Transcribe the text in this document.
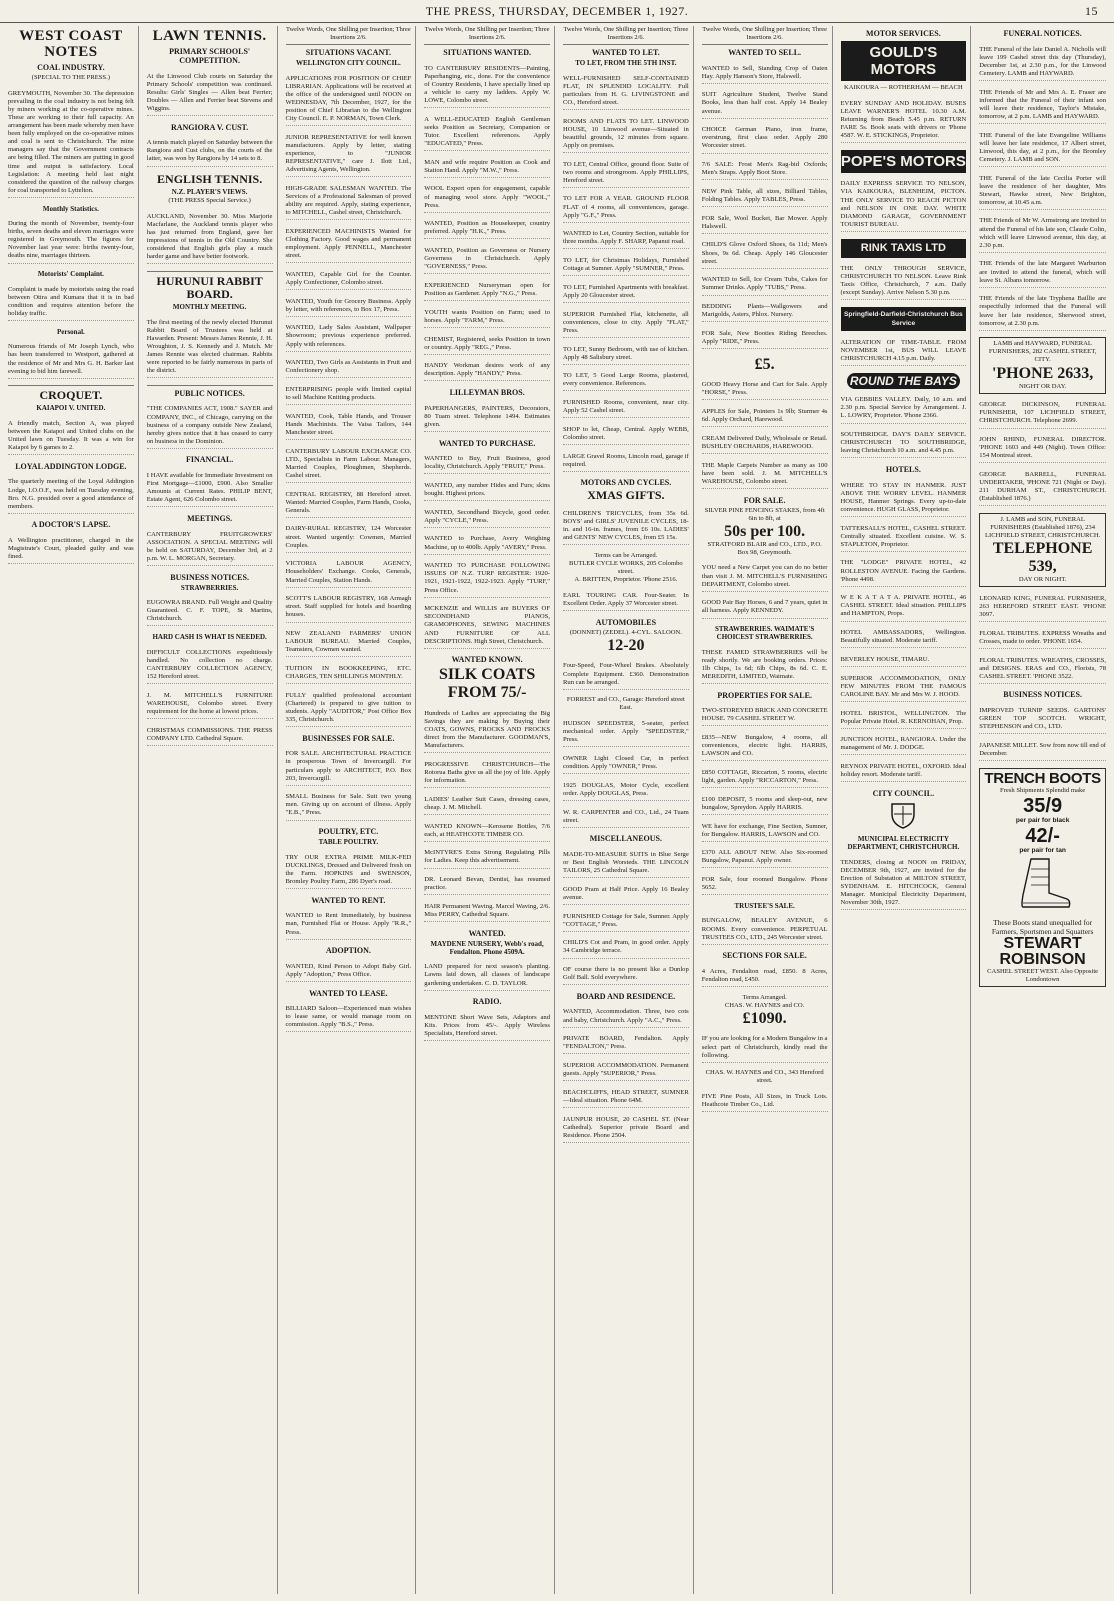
THE PRESS, THURSDAY, DECEMBER 1, 1927.	15
WEST COAST NOTES
COAL INDUSTRY.
(SPECIAL TO THE PRESS.)

GREYMOUTH, November 30. The depression prevailing in the coal industry is not being felt by miners working at the co-operative mines. These are working to their full capacity. An arrangement has been made whereby men have been fully employed on the co-operative mines and coal is sent to Christchurch. The mine managers say that the Government contracts are being filled. The miners are putting in good time and output is satisfactory. Local Legislation: A meeting held last night considered the question of the railway charges for coal transported to Lyttelton.

Monthly Statistics.

During the month of November, twenty-four births, seven deaths and eleven marriages were registered in Greymouth. The figures for November last year were: births twenty-four, deaths nine, marriages thirteen.

Motorists' Complaint.

Complaint is made by motorists using the road between Otira and Kumara that it is in bad condition and requires attention before the holiday traffic.

Personal.

Numerous friends of Mr Joseph Lynch, who has been transferred to Westport, gathered at the residence of Mr and Mrs G. H. Barker last evening to bid him farewell.

CROQUET.
KAIAPOI V. UNITED.

A friendly match, Section A, was played between the Kaiapoi and United clubs on the United lawn on Tuesday. It was a win for Kaiapoi by 6 games to 2.

LOYAL ADDINGTON LODGE.

The quarterly meeting of the Loyal Addington Lodge, I.O.O.F., was held on Tuesday evening, Bro. N.G. presided over a good attendance of members.

A DOCTOR'S LAPSE.

A Wellington practitioner, charged in the Magistrate's Court, pleaded guilty and was fined.

LAWN TENNIS.
PRIMARY SCHOOLS' COMPETITION.

At the Linwood Club courts on Saturday the Primary Schools' competition was continued. Results: Girls' Singles — Allen beat Ferrier; Doubles — Allen and Ferrier beat Stevens and Wiggins.

RANGIORA V. CUST.

A tennis match played on Saturday between the Rangiora and Cust clubs, on the courts of the latter, was won by Rangiora by 14 sets to 8.

ENGLISH TENNIS.
N.Z. PLAYER'S VIEWS.
(THE PRESS Special Service.)

AUCKLAND, November 30. Miss Marjorie Macfarlane, the Auckland tennis player who has just returned from England, gave her impressions of tennis in the Old Country. She considered that English girls play a much harder game and have better footwork.

HURUNUI RABBIT BOARD.
MONTHLY MEETING.

The first meeting of the newly elected Hurunui Rabbit Board of Trustees was held at Hawarden. Present: Messrs James Rennie, J. H. Wroughton, J. S. Kennedy and J. Mutch. Mr James Rennie was elected chairman. Rabbits were reported to be fairly numerous in parts of the district.

PUBLIC NOTICES.

"THE COMPANIES ACT, 1908." SAYER and COMPANY, INC., of Chicago, carrying on the business of a company outside New Zealand, hereby gives notice that it has ceased to carry on business in the Dominion.

FINANCIAL.

I HAVE available for Immediate Investment on First Mortgage—£1000, £900. Also Smaller Amounts at Current Rates. PHILIP BENT, Estate Agent, 626 Colombo street.

MEETINGS.

CANTERBURY FRUITGROWERS' ASSOCIATION. A SPECIAL MEETING will be held on SATURDAY, December 3rd, at 2 p.m. W. L. MORGAN, Secretary.

BUSINESS NOTICES.
STRAWBERRIES.

EUGOWRA BRAND. Full Weight and Quality Guaranteed. C. F. TOPE, St Martins, Christchurch.

HARD CASH IS WHAT IS NEEDED.

DIFFICULT COLLECTIONS expeditiously handled. No collection no charge. CANTERBURY COLLECTION AGENCY, 152 Hereford street.

J. M. MITCHELL'S FURNITURE WAREHOUSE, Colombo street. Every requirement for the home at lowest prices.

CHRISTMAS COMMISSIONS. THE PRESS COMPANY LTD. Cathedral Square.

Twelve Words, One Shilling per Insertion; Three Insertions 2/6.
SITUATIONS VACANT.
WELLINGTON CITY COUNCIL.

APPLICATIONS FOR POSITION OF CHIEF LIBRARIAN. Applications will be received at the office of the undersigned until NOON on WEDNESDAY, 7th December, 1927, for the position of Chief Librarian to the Wellington City Council. E. P. NORMAN, Town Clerk.

JUNIOR REPRESENTATIVE for well known manufacturers. Apply by letter, stating experience, to "JUNIOR REPRESENTATIVE," care J. Ilott Ltd., Advertising Agents, Wellington.

HIGH-GRADE SALESMAN WANTED. The Services of a Professional Salesman of proved ability are required. Apply, stating experience, to MITCHELL, Cashel street, Christchurch.

EXPERIENCED MACHINISTS Wanted for Clothing Factory. Good wages and permanent employment. Apply PENNELL, Manchester street.

WANTED, Capable Girl for the Counter. Apply Confectioner, Colombo street.

WANTED, Youth for Grocery Business. Apply by letter, with references, to Box 17, Press.

WANTED, Lady Sales Assistant, Wallpaper Showroom; previous experience preferred. Apply with references.

WANTED, Two Girls as Assistants in Fruit and Confectionery shop.

ENTERPRISING people with limited capital to sell Machine Knitting products.

WANTED, Cook, Table Hands, and Trouser Hands Machinists. The Vaisa Tailors, 144 Manchester street.

CANTERBURY LABOUR EXCHANGE CO. LTD., Specialists in Farm Labour. Managers, Married Couples, Ploughmen, Shepherds. Cashel street.

CENTRAL REGISTRY, 88 Hereford street. Wanted: Married Couples, Farm Hands, Cooks, Generals.

DAIRY-RURAL REGISTRY, 124 Worcester street. Wanted urgently: Cowmen, Married Couples.

VICTORIA LABOUR AGENCY, Householders' Exchange. Cooks, Generals, Married Couples, Station Hands.

SCOTT'S LABOUR REGISTRY, 168 Armagh street. Staff supplied for hotels and boarding houses.

NEW ZEALAND FARMERS' UNION LABOUR BUREAU. Married Couples, Teamsters, Cowmen wanted.

TUITION IN BOOKKEEPING, ETC. CHARGES, TEN SHILLINGS MONTHLY.

FULLY qualified professional accountant (Chartered) is prepared to give tuition to students. Apply "AUDITOR," Post Office Box 335, Christchurch.

BUSINESSES FOR SALE.

FOR SALE. ARCHITECTURAL PRACTICE in prosperous Town of Invercargill. For particulars apply to ARCHITECT, P.O. Box 203, Invercargill.

SMALL Business for Sale. Suit two young men. Giving up on account of illness. Apply "E.B.," Press.

POULTRY, ETC.
TABLE POULTRY.

TRY OUR EXTRA PRIME MILK-FED DUCKLINGS, Dressed and Delivered fresh on the Farm. HOPKINS and SWENSON, Bromley Poultry Farm, 286 Dyer's road.

WANTED TO RENT.

WANTED to Rent Immediately, by business man, Furnished Flat or House. Apply "R.R.," Press.

ADOPTION.

WANTED, Kind Person to Adopt Baby Girl. Apply "Adoption," Press Office.

WANTED TO LEASE.

BILLIARD Saloon—Experienced man wishes to lease same, or would manage room on commission. Apply "B.S.," Press.

Twelve Words, One Shilling per Insertion; Three Insertions 2/6.
SITUATIONS WANTED.

TO CANTERBURY RESIDENTS—Painting, Paperhanging, etc., done. For the convenience of Country Residents, I have specially lined up a vehicle to carry my ladders. Apply W. LOWE, Colombo street.

A WELL-EDUCATED English Gentleman seeks Position as Secretary, Companion or Tutor. Excellent references. Apply "EDUCATED," Press.

MAN and wife require Position as Cook and Station Hand. Apply "M.W.," Press.

WOOL Expert open for engagement, capable of managing wool store. Apply "WOOL," Press.

WANTED, Position as Housekeeper, country preferred. Apply "H.K.," Press.

WANTED, Position as Governess or Nursery Governess in Christchurch. Apply "GOVERNESS," Press.

EXPERIENCED Nurseryman open for Position as Gardener. Apply "N.G.," Press.

YOUTH wants Position on Farm; used to horses. Apply "FARM," Press.

CHEMIST, Registered, seeks Position in town or country. Apply "REG.," Press.

HANDY Workman desires work of any description. Apply "HANDY," Press.

LILLEYMAN BROS.

PAPERHANGERS, PAINTERS, Decorators, 80 Tuam street. Telephone 1494. Estimates given.

WANTED TO PURCHASE.

WANTED to Buy, Fruit Business, good locality, Christchurch. Apply "FRUIT," Press.

WANTED, any number Hides and Furs; skins bought. Highest prices.

WANTED, Secondhand Bicycle, good order. Apply "CYCLE," Press.

WANTED to Purchase, Avery Weighing Machine, up to 400lb. Apply "AVERY," Press.

WANTED TO PURCHASE FOLLOWING ISSUES OF N.Z. TURF REGISTER: 1920-1921, 1921-1922, 1922-1923. Apply "TURF," Press Office.

MCKENZIE and WILLIS are BUYERS OF SECONDHAND PIANOS, GRAMOPHONES, SEWING MACHINES AND FURNITURE OF ALL DESCRIPTIONS. High Street, Christchurch.

WANTED KNOWN.
SILK COATS FROM 75/-

Hundreds of Ladies are appreciating the Big Savings they are making by Buying their COATS, GOWNS, FROCKS AND FROCKS direct from the Manufacturer. GOODMAN'S, Manufacturers.

PROGRESSIVE CHRISTCHURCH—The Rotorua Baths give us all the joy of life. Apply for information.

LADIES' Leather Suit Cases, dressing cases, cheap. J. M. Mitchell.

WANTED KNOWN—Kerosene Bottles, 7/6 each, at HEATHCOTE TIMBER CO.

McINTYRE'S Extra Strong Regulating Pills for Ladies. Keep this advertisement.

DR. Leonard Bevan, Dentist, has resumed practice.

HAIR Permanent Waving. Marcel Waving, 2/6. Miss PERRY, Cathedral Square.

WANTED.
MAYDENE NURSERY, Webb's road, Fendalton. Phone 4509A.

LAND prepared for next season's planting. Lawns laid down, all classes of landscape gardening undertaken. C. D. TAYLOR.

RADIO.

MENTONE Short Wave Sets, Adaptors and Kits. Prices from 45/-. Apply Wireless Specialists, Hereford street.

Twelve Words, One Shilling per Insertion; Three Insertions 2/6.
WANTED TO LET.
TO LET, FROM THE 5TH INST.

WELL-FURNISHED SELF-CONTAINED FLAT, IN SPLENDID LOCALITY. Full particulars from H. G. LIVINGSTONE and CO., Hereford street.

ROOMS AND FLATS TO LET. LINWOOD HOUSE, 10 Linwood avenue—Situated in beautiful grounds, 12 minutes from square. Apply on premises.

TO LET, Central Office, ground floor. Suite of two rooms and strongroom. Apply PHILLIPS, Hereford street.

TO LET FOR A YEAR. GROUND FLOOR FLAT of 4 rooms, all conveniences, garage. Apply "G.F.," Press.

WANTED to Let, Country Section, suitable for three months. Apply F. SHARP, Papanui road.

TO LET, for Christmas Holidays, Furnished Cottage at Sumner. Apply "SUMNER," Press.

TO LET, Furnished Apartments with breakfast. Apply 20 Gloucester street.

SUPERIOR Furnished Flat, kitchenette, all conveniences, close to city. Apply "FLAT," Press.

TO LET, Sunny Bedroom, with use of kitchen. Apply 48 Salisbury street.

TO LET, 5 Good Large Rooms, plastered, every convenience. References.

FURNISHED Rooms, convenient, near city. Apply 52 Cashel street.

SHOP to let, Cheap, Central. Apply WEBB, Colombo street.

LARGE Gravel Rooms, Lincoln road, garage if required.

MOTORS AND CYCLES.
XMAS GIFTS.

CHILDREN'S TRICYCLES, from 35s 6d. BOYS' and GIRLS' JUVENILE CYCLES, 18-in. and 16-in. frames, from £6 10s. LADIES' and GENTS' NEW CYCLES, from £5 15s.

Terms can be Arranged.
BUTLER CYCLE WORKS, 205 Colombo street.
A. BRITTEN, Proprietor. 'Phone 2516.

EARL TOURING CAR. Four-Seater. In Excellent Order. Apply 37 Worcester street.

AUTOMOBILES
(DONNET) (ZEDEL). 4-CYL. SALOON.
12-20

Four-Speed, Four-Wheel Brakes. Absolutely Complete Equipment. £360. Demonstration Run can be arranged.

FORREST and CO., Garage: Hereford street East.

HUDSON SPEEDSTER, 5-seater, perfect mechanical order. Apply "SPEEDSTER," Press.

OWNER Light Closed Car, in perfect condition. Apply "OWNER," Press.

1925 DOUGLAS, Motor Cycle, excellent order. Apply DOUGLAS, Press.

W. R. CARPENTER and CO., Ltd., 24 Tuam street.

MISCELLANEOUS.

MADE-TO-MEASURE SUITS in Blue Serge or Best English Worsteds. THE LINCOLN TAILORS, 25 Cathedral Square.

GOOD Pram at Half Price. Apply 16 Bealey avenue.

FURNISHED Cottage for Sale, Sumner. Apply "COTTAGE," Press.

CHILD'S Cot and Pram, in good order. Apply 34 Cambridge terrace.

OF course there is no present like a Dunlop Golf Ball. Sold everywhere.

BOARD AND RESIDENCE.

WANTED, Accommodation. Three, two cots and baby, Christchurch. Apply "A.C.," Press.

PRIVATE BOARD, Fendalton. Apply "FENDALTON," Press.

SUPERIOR ACCOMMODATION. Permanent guests. Apply "SUPERIOR," Press.

BEACHCLIFFS, HEAD STREET, SUMNER—Ideal situation. Phone 64M.

JAUNPUR HOUSE, 20 CASHEL ST. (Near Cathedral). Superior private Board and Residence. Phone 2504.

Twelve Words, One Shilling per Insertion; Three Insertions 2/6.
WANTED TO SELL.

WANTED to Sell, Standing Crop of Oaten Hay. Apply Hanson's Store, Halswell.

SUIT Agriculture Student, Twelve Stand Books, less than half cost. Apply 14 Bealey avenue.

CHOICE German Piano, iron frame, overstrung, first class order. Apply 280 Worcester street.

7/6 SALE: Frost Men's Rag-bid Oxfords; Men's Straps. Apply Boot Store.

NEW Pink Table, all sizes, Billiard Tables, Folding Tables. Apply TABLES, Press.

FOR Sale, Wool Bucket, Bar Mower. Apply Halswell.

CHILD'S Glove Oxford Shoes, 6s 11d; Men's Shoes, 9s 6d. Cheap. Apply 146 Gloucester street.

WANTED to Sell, Ice Cream Tubs, Cakes for Summer Drinks. Apply "TUBS," Press.

BEDDING Plants—Wallgowers and Marigolds, Asters, Phlox. Nursery.

FOR Sale, New Booties Riding Breeches. Apply "RIDE," Press.

£5.

GOOD Heavy Horse and Cart for Sale. Apply "HORSE," Press.

APPLES for Sale, Pointers 1s 9lb; Sturmer 4s 6d. Apply Orchard, Harewood.

CREAM Delivered Daily, Wholesale or Retail. BUSHLEY ORCHARDS, HAREWOOD.

THE Maple Carpets Number as many as 100 have been sold. J. M. MITCHELL'S WAREHOUSE, Colombo street.

FOR SALE.
SILVER PINE FENCING STAKES, from 4ft 6in to 8ft, at
50s per 100.
STRATFORD BLAIR and CO., LTD., P.O. Box 98, Greymouth.

YOU need a New Carpet you can do no better than visit J. M. MITCHELL'S FURNISHING DEPARTMENT, Colombo street.

GOOD Pair Bay Horses, 6 and 7 years, quiet in all harness. Apply KENNEDY.

STRAWBERRIES. WAIMATE'S CHOICEST STRAWBERRIES.

THESE FAMED STRAWBERRIES will be ready shortly. We are booking orders. Prices: 1lb Chips, 1s 6d; 6lb Chips, 8s 6d. C. E. MEREDITH, LIMITED, Waimate.

PROPERTIES FOR SALE.

TWO-STOREYED BRICK AND CONCRETE HOUSE. 79 CASHEL STREET W.

£835—NEW Bungalow, 4 rooms, all conveniences, electric light. HARRIS, LAWSON and CO.

£850 COTTAGE, Riccarton, 5 rooms, electric light, garden. Apply "RICCARTON," Press.

£100 DEPOSIT, 5 rooms and sleep-out, new bungalow, Spreydon. Apply HARRIS.

WE have for exchange, Fine Section, Sumner, for Bungalow. HARRIS, LAWSON and CO.

£370 ALL ABOUT NEW. Also Six-roomed Bungalow, Papanui. Apply owner.

FOR Sale, four roomed Bungalow. Phone 5652.

TRUSTEE'S SALE.

BUNGALOW, BEALEY AVENUE, 6 ROOMS. Every convenience. PERPETUAL TRUSTEES CO., LTD., 245 Worcester street.

SECTIONS FOR SALE.

4 Acres, Fendalton road, £850. 8 Acres, Fendalton road, £450.

Terms Arranged.
CHAS. W. HAYNES and CO.
£1090.

IF you are looking for a Modern Bungalow in a select part of Christchurch, kindly read the following.

CHAS. W. HAYNES and CO., 343 Hereford street.

FIVE Pine Posts, All Sizes, in Truck Lots. Heathcote Timber Co., Ltd.

MOTOR SERVICES.
GOULD'S MOTORS
KAIKOURA — ROTHERHAM — BEACH

EVERY SUNDAY AND HOLIDAY. BUSES LEAVE WARNER'S HOTEL 10.30 A.M. Returning from Beach 5.45 p.m. RETURN FARE 5s. Book seats with drivers or 'Phone 4587. W. E. STICKINGS, Proprietor.

POPE'S MOTORS

DAILY EXPRESS SERVICE TO NELSON, VIA KAIKOURA, BLENHEIM, PICTON. THE ONLY SERVICE TO REACH PICTON and NELSON IN ONE DAY. WHITE DIAMOND GARAGE, GOVERNMENT TOURIST BUREAU.

RINK TAXIS LTD

THE ONLY THROUGH SERVICE, CHRISTCHURCH TO NELSON. Leave Rink Taxis Office, Christchurch, 7 a.m. Daily (except Sunday). Arrive Nelson 5.30 p.m.

Springfield-Darfield-Christchurch Bus Service

ALTERATION OF TIME-TABLE. FROM NOVEMBER 1st, BUS WILL LEAVE CHRISTCHURCH 4.15 p.m. Daily.

ROUND THE BAYS

VIA GEBBIES VALLEY. Daily, 10 a.m. and 2.30 p.m. Special Service by Arrangement. J. L. LOWRY, Proprietor. 'Phone 2366.

SOUTHBRIDGE. DAY'S DAILY SERVICE. CHRISTCHURCH TO SOUTHBRIDGE, leaving Christchurch 10 a.m. and 4.45 p.m.

HOTELS.

WHERE TO STAY IN HANMER. JUST ABOVE THE WORRY LEVEL. HANMER HOUSE, Hanmer Springs. Every up-to-date convenience. HUGH GLASS, Proprietor.

TATTERSALL'S HOTEL, CASHEL STREET. Centrally situated. Excellent cuisine. W. S. STAPLETON, Proprietor.

THE "LODGE" PRIVATE HOTEL, 42 ROLLESTON AVENUE. Facing the Gardens. 'Phone 4498.

W E K A T A T A. PRIVATE HOTEL, 46 CASHEL STREET. Ideal situation. PHILLIPS and HAMPTON, Props.

HOTEL AMBASSADORS, Wellington. Beautifully situated. Moderate tariff.

BEVERLEY HOUSE, TIMARU.

SUPERIOR ACCOMMODATION, ONLY FEW MINUTES FROM THE FAMOUS CAROLINE BAY. Mr and Mrs W. J. HOOD.

HOTEL BRISTOL, WELLINGTON. The Popular Private Hotel. R. KERNOHAN, Prop.

JUNCTION HOTEL, RANGIORA. Under the management of Mr. J. DODGE.

REYNOX PRIVATE HOTEL, OXFORD. Ideal holiday resort. Moderate tariff.

CITY COUNCIL.
MUNICIPAL ELECTRICITY DEPARTMENT, CHRISTCHURCH.

TENDERS, closing at NOON on FRIDAY, DECEMBER 9th, 1927, are invited for the Erection of Substation at MILTON STREET, SYDENHAM. E. HITCHCOCK, General Manager. Municipal Electricity Department, November 30th, 1927.

FUNERAL NOTICES.

THE Funeral of the late Daniel A. Nicholls will leave 199 Cashel street this day (Thursday), December 1st, at 2.30 p.m., for the Linwood Cemetery. LAMB and HAYWARD.

THE Friends of Mr and Mrs A. E. Fraser are informed that the Funeral of their infant son will leave their residence, Taylor's Mistake, tomorrow, at 2 p.m. LAMB and HAYWARD.

THE Funeral of the late Evangeline Williams will leave her late residence, 17 Albert street, Linwood, this day, at 2 p.m., for the Bromley Cemetery. J. LAMB and SON.

THE Funeral of the late Cecilia Porter will leave the residence of her daughter, Mrs Stewart, Hawke street, New Brighton, tomorrow, at 10.45 a.m.

THE Friends of Mr W. Armstrong are invited to attend the Funeral of his late son, Claude Colin, which will leave Linwood avenue, this day, at 2.30 p.m.

THE Friends of the late Margaret Warburton are invited to attend the funeral, which will leave St. Albans tomorrow.

THE Friends of the late Tryphena Baillie are respectfully informed that the Funeral will leave her late residence, Sherwood street, tomorrow, at 2.30 p.m.

LAMB and HAYWARD, FUNERAL FURNISHERS, 282 CASHEL STREET, CITY.
'PHONE 2633,
NIGHT OR DAY.

GEORGE DICKINSON, FUNERAL FURNISHER, 107 LICHFIELD STREET, CHRISTCHURCH. Telephone 2699.

JOHN RHIND, FUNERAL DIRECTOR. 'PHONE 1603 and 449 (Night). Town Office: 154 Montreal street.

GEORGE BARRELL, FUNERAL UNDERTAKER, 'PHONE 721 (Night or Day). 211 DURHAM ST., CHRISTCHURCH. (Established 1876.)

J. LAMB and SON, FUNERAL FURNISHERS (Established 1876), 234 LICHFIELD STREET, CHRISTCHURCH.
TELEPHONE 539,
DAY OR NIGHT.

LEONARD KING, FUNERAL FURNISHER, 263 HEREFORD STREET EAST. 'PHONE 3097.

FLORAL TRIBUTES. EXPRESS Wreaths and Crosses, made to order. 'PHONE 1654.

FLORAL TRIBUTES. WREATHS, CROSSES, and DESIGNS. ERAS and CO., Florists, 78 CASHEL STREET. 'PHONE 3522.

BUSINESS NOTICES.

IMPROVED TURNIP SEEDS. GARTONS' GREEN TOP SCOTCH. WRIGHT, STEPHENSON and CO., LTD.

JAPANESE MILLET. Sow from now till end of December.

TRENCH BOOTS
Fresh Shipments Splendid make
35/9
per pair for black
42/-
per pair for tan
These Boots stand unequalled for Farmers, Sportsmen and Squatters
STEWART ROBINSON
CASHEL STREET WEST. Also Opposite Londontown
